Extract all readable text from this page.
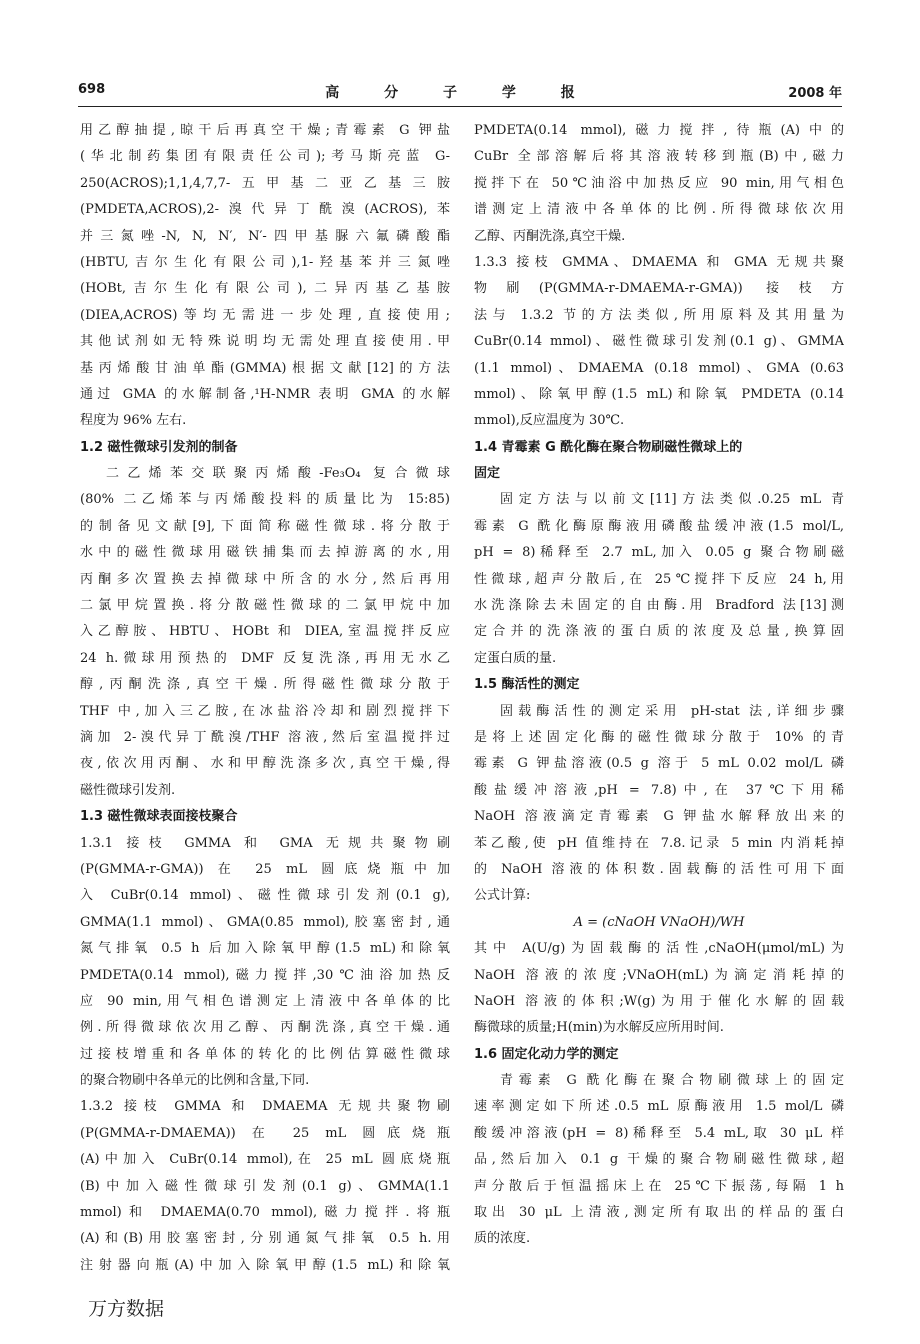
698	高 分 子 学 报	2008 年
用乙醇抽提,晾干后再真空干燥;青霉素 G 钾盐
(华北制药集团有限责任公司);考马斯亮蓝 G-
250(ACROS);1,1,4,7,7-五甲基二亚乙基三胺
(PMDETA,ACROS),2-溴代异丁酰溴(ACROS),苯
并三氮唑-N, N, N′, N′-四甲基脲六氟磷酸酯
(HBTU,吉尔生化有限公司),1-羟基苯并三氮唑
(HOBt,吉尔生化有限公司),二异丙基乙基胺
(DIEA,ACROS)等均无需进一步处理,直接使用;
其他试剂如无特殊说明均无需处理直接使用.甲
基丙烯酸甘油单酯(GMMA)根据文献[12]的方法
通过 GMA 的水解制备,¹H-NMR 表明 GMA 的水解
程度为 96% 左右.
1.2 磁性微球引发剂的制备
二乙烯苯交联聚丙烯酸-Fe₃O₄ 复合微球
(80% 二乙烯苯与丙烯酸投料的质量比为 15:85)
的制备见文献[9],下面简称磁性微球.将分散于
水中的磁性微球用磁铁捕集而去掉游离的水,用
丙酮多次置换去掉微球中所含的水分,然后再用
二氯甲烷置换.将分散磁性微球的二氯甲烷中加
入乙醇胺、HBTU、HOBt 和 DIEA,室温搅拌反应
24 h.微球用预热的 DMF 反复洗涤,再用无水乙
醇,丙酮洗涤,真空干燥.所得磁性微球分散于
THF 中,加入三乙胺,在冰盐浴冷却和剧烈搅拌下
滴加 2-溴代异丁酰溴/THF 溶液,然后室温搅拌过
夜,依次用丙酮、水和甲醇洗涤多次,真空干燥,得
磁性微球引发剂.
1.3 磁性微球表面接枝聚合
1.3.1 接枝 GMMA 和 GMA 无规共聚物刷
(P(GMMA-r-GMA)) 在 25 mL 圆底烧瓶中加
入 CuBr(0.14 mmol)、磁性微球引发剂(0.1 g),
GMMA(1.1 mmol)、GMA(0.85 mmol),胶塞密封,通
氮气排氧 0.5 h 后加入除氧甲醇(1.5 mL)和除氧
PMDETA(0.14 mmol),磁力搅拌,30℃油浴加热反
应 90 min,用气相色谱测定上清液中各单体的比
例.所得微球依次用乙醇、丙酮洗涤,真空干燥.通
过接枝增重和各单体的转化的比例估算磁性微球
的聚合物刷中各单元的比例和含量,下同.
1.3.2 接枝 GMMA 和 DMAEMA 无规共聚物刷
(P(GMMA-r-DMAEMA)) 在 25 mL 圆底烧瓶
(A)中加入 CuBr(0.14 mmol),在 25 mL 圆底烧瓶
(B)中加入磁性微球引发剂(0.1 g)、GMMA(1.1
mmol)和 DMAEMA(0.70 mmol),磁力搅拌.将瓶
(A)和(B)用胶塞密封,分别通氮气排氧 0.5 h.用
注射器向瓶(A)中加入除氧甲醇(1.5 mL)和除氧
PMDETA(0.14 mmol),磁力搅拌,待瓶(A)中的
CuBr 全部溶解后将其溶液转移到瓶(B)中,磁力
搅拌下在 50℃油浴中加热反应 90 min,用气相色
谱测定上清液中各单体的比例.所得微球依次用
乙醇、丙酮洗涤,真空干燥.
1.3.3 接枝 GMMA、DMAEMA 和 GMA 无规共聚
物刷(P(GMMA-r-DMAEMA-r-GMA)) 接枝方
法与 1.3.2 节的方法类似,所用原料及其用量为
CuBr(0.14 mmol)、磁性微球引发剂(0.1 g)、GMMA
(1.1 mmol)、DMAEMA (0.18 mmol)、GMA (0.63
mmol)、除氧甲醇(1.5 mL)和除氧 PMDETA (0.14
mmol),反应温度为 30℃.
1.4 青霉素 G 酰化酶在聚合物刷磁性微球上的
固定
固定方法与以前文[11]方法类似.0.25 mL 青
霉素 G 酰化酶原酶液用磷酸盐缓冲液(1.5 mol/L,
pH = 8)稀释至 2.7 mL,加入 0.05 g 聚合物刷磁
性微球,超声分散后,在 25℃搅拌下反应 24 h,用
水洗涤除去未固定的自由酶.用 Bradford 法[13]测
定合并的洗涤液的蛋白质的浓度及总量,换算固
定蛋白质的量.
1.5 酶活性的测定
固载酶活性的测定采用 pH-stat 法,详细步骤
是将上述固定化酶的磁性微球分散于 10% 的青
霉素 G 钾盐溶液(0.5 g 溶于 5 mL 0.02 mol/L 磷
酸盐缓冲溶液,pH = 7.8)中,在 37℃下用稀
NaOH 溶液滴定青霉素 G 钾盐水解释放出来的
苯乙酸,使 pH 值维持在 7.8.记录 5 min 内消耗掉
的 NaOH 溶液的体积数.固载酶的活性可用下面
公式计算:
A = (cNaOH VNaOH)/WH
其中 A(U/g)为固载酶的活性,cNaOH(μmol/mL)为
NaOH 溶液的浓度;VNaOH(mL)为滴定消耗掉的
NaOH 溶液的体积;W(g)为用于催化水解的固载
酶微球的质量;H(min)为水解反应所用时间.
1.6 固定化动力学的测定
青霉素 G 酰化酶在聚合物刷微球上的固定
速率测定如下所述.0.5 mL 原酶液用 1.5 mol/L 磷
酸缓冲溶液(pH = 8)稀释至 5.4 mL,取 30 μL 样
品,然后加入 0.1 g 干燥的聚合物刷磁性微球,超
声分散后于恒温摇床上在 25℃下振荡,每隔 1 h
取出 30 μL 上清液,测定所有取出的样品的蛋白
质的浓度.
万方数据
